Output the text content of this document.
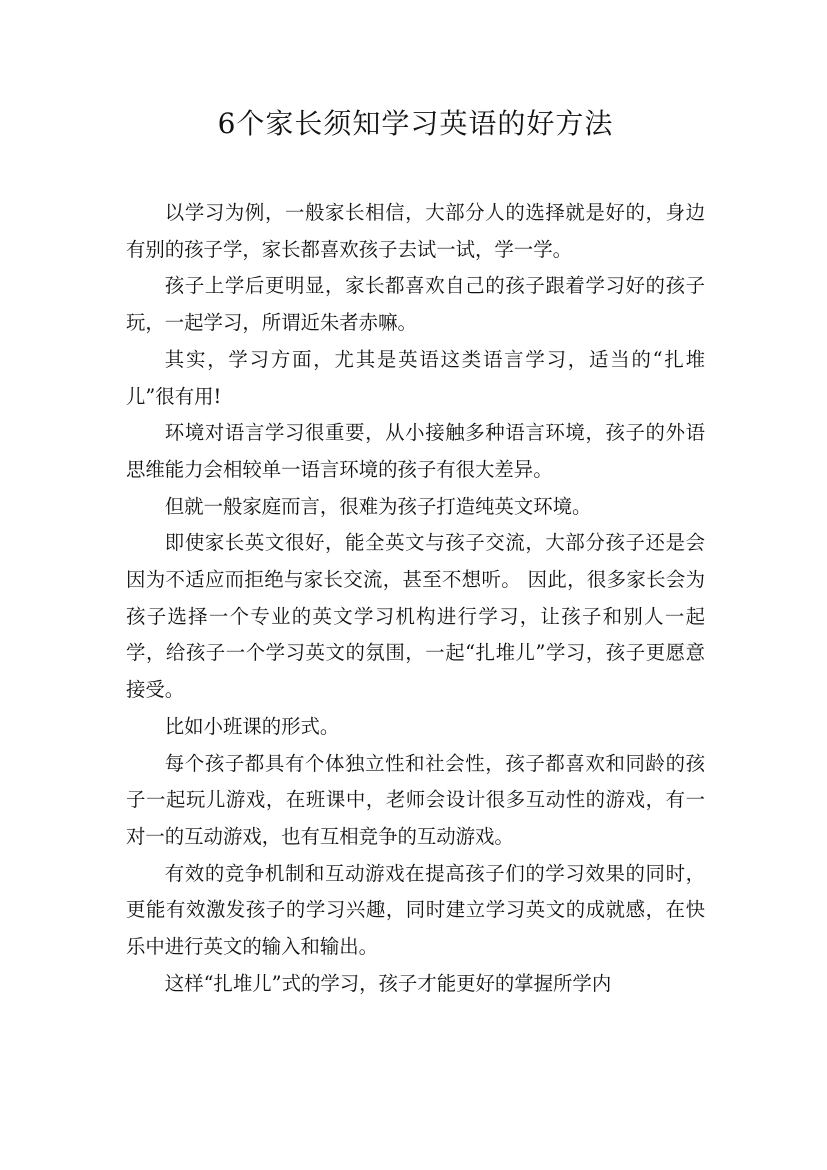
6个家长须知学习英语的好方法

以学习为例，一般家长相信，大部分人的选择就是好的，身边有别的孩子学，家长都喜欢孩子去试一试，学一学。

孩子上学后更明显，家长都喜欢自己的孩子跟着学习好的孩子玩，一起学习，所谓近朱者赤嘛。

其实，学习方面，尤其是英语这类语言学习，适当的“扎堆儿”很有用!

环境对语言学习很重要，从小接触多种语言环境，孩子的外语思维能力会相较单一语言环境的孩子有很大差异。

但就一般家庭而言，很难为孩子打造纯英文环境。

即使家长英文很好，能全英文与孩子交流，大部分孩子还是会因为不适应而拒绝与家长交流，甚至不想听。 因此，很多家长会为孩子选择一个专业的英文学习机构进行学习，让孩子和别人一起学，给孩子一个学习英文的氛围，一起“扎堆儿”学习，孩子更愿意接受。

比如小班课的形式。

每个孩子都具有个体独立性和社会性，孩子都喜欢和同龄的孩子一起玩儿游戏，在班课中，老师会设计很多互动性的游戏，有一对一的互动游戏，也有互相竞争的互动游戏。

有效的竞争机制和互动游戏在提高孩子们的学习效果的同时，更能有效激发孩子的学习兴趣，同时建立学习英文的成就感，在快乐中进行英文的输入和输出。

这样“扎堆儿”式的学习，孩子才能更好的掌握所学内
